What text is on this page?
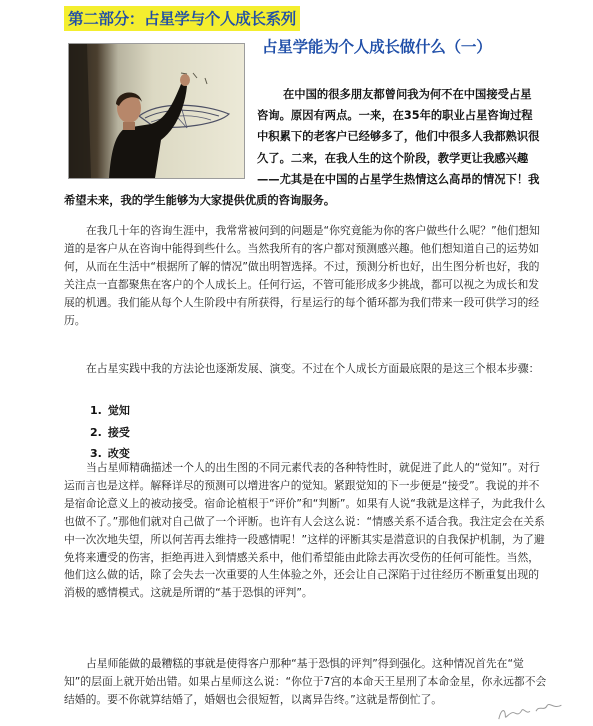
第二部分：占星学与个人成长系列
占星学能为个人成长做什么（一）

在中国的很多朋友都曾问我为何不在中国接受占星咨询。原因有两点。一来，在35年的职业占星咨询过程中积累下的老客户已经够多了，他们中很多人我都熟识很久了。二来，在我人生的这个阶段，教学更让我感兴趣——尤其是在中国的占星学生热情这么高昂的情况下！我希望未来，我的学生能够为大家提供优质的咨询服务。

在我几十年的咨询生涯中，我常常被问到的问题是“你究竟能为你的客户做些什么呢？”他们想知道的是客户从在咨询中能得到些什么。当然我所有的客户都对预测感兴趣。他们想知道自己的运势如何，从而在生活中“根据所了解的情况”做出明智选择。不过，预测分析也好，出生图分析也好，我的关注点一直都聚焦在客户的个人成长上。任何行运，不管可能形成多少挑战，都可以视之为成长和发展的机遇。我们能从每个人生阶段中有所获得，行星运行的每个循环都为我们带来一段可供学习的经历。

在占星实践中我的方法论也逐渐发展、演变。不过在个人成长方面最底限的是这三个根本步骤：

1. 觉知
2. 接受
3. 改变

当占星师精确描述一个人的出生图的不同元素代表的各种特性时，就促进了此人的“觉知”。对行运而言也是这样。解释详尽的预测可以增进客户的觉知。紧跟觉知的下一步便是“接受”。我说的并不是宿命论意义上的被动接受。宿命论植根于“评价”和“判断”。如果有人说“我就是这样子，为此我什么也做不了。”那他们就对自己做了一个评断。也许有人会这么说：“情感关系不适合我。我注定会在关系中一次次地失望，所以何苦再去维持一段感情呢！”这样的评断其实是潜意识的自我保护机制，为了避免将来遭受的伤害，拒绝再进入到情感关系中，他们希望能由此除去再次受伤的任何可能性。当然，他们这么做的话，除了会失去一次重要的人生体验之外，还会让自己深陷于过往经历不断重复出现的消极的感情模式。这就是所谓的“基于恐惧的评判”。

占星师能做的最糟糕的事就是使得客户那种“基于恐惧的评判”得到强化。这种情况首先在“觉知”的层面上就开始出错。如果占星师这么说：“你位于7宫的本命天王星刑了本命金星，你永远都不会结婚的。要不你就算结婚了，婚姻也会很短暂，以离异告终。”这就是帮倒忙了。
